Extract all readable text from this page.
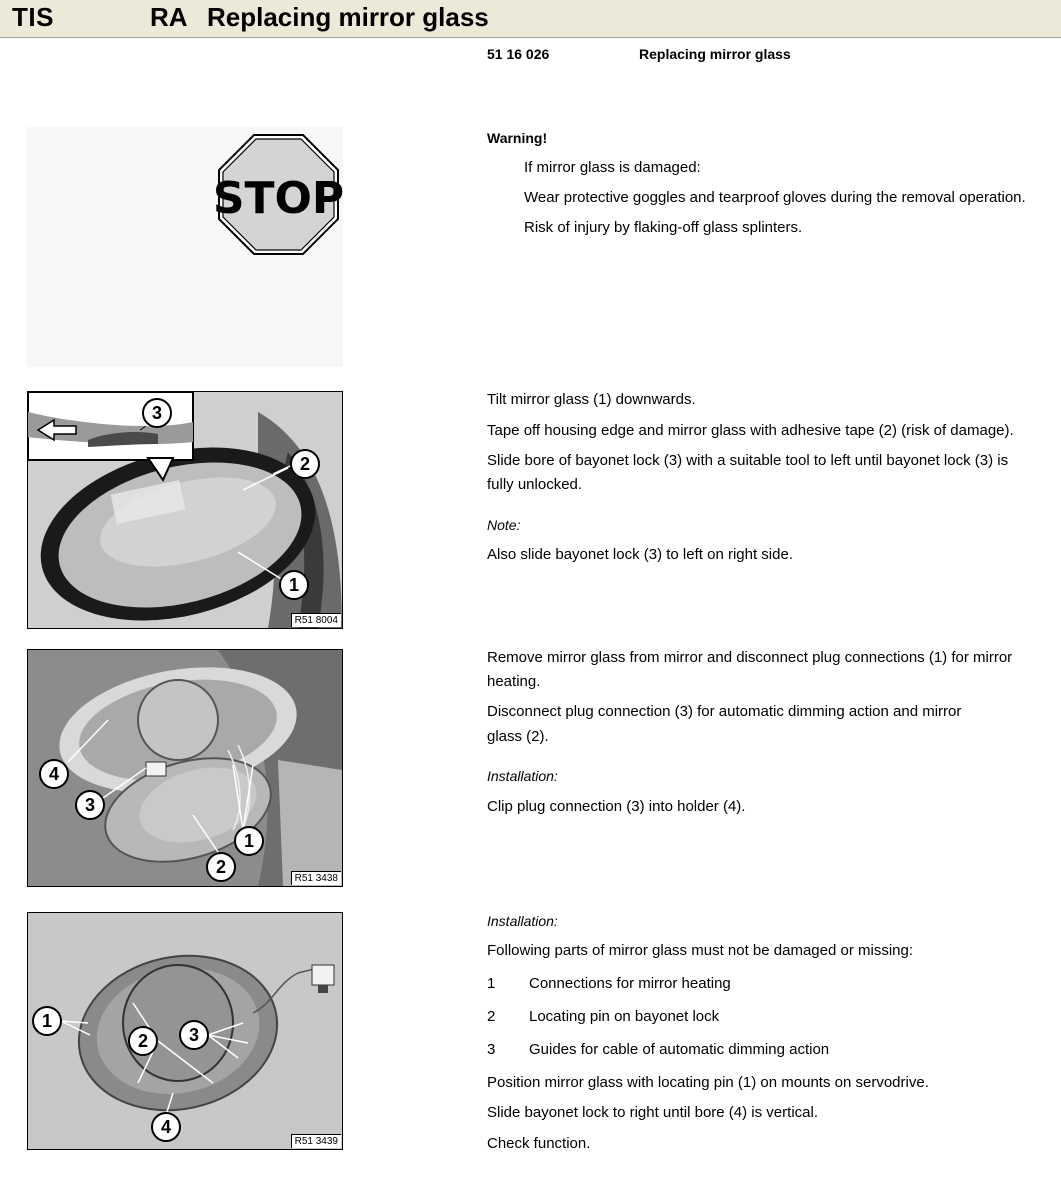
TIS	RA Replacing mirror glass
51 16 026	Replacing mirror glass
STOP
Warning!
If mirror glass is damaged:
Wear protective goggles and tearproof gloves during the removal operation.
Risk of injury by flaking-off glass splinters.
3
2
1
R51 8004
Tilt mirror glass (1) downwards.
Tape off housing edge and mirror glass with adhesive tape (2) (risk of damage).
Slide bore of bayonet lock (3) with a suitable tool to left until bayonet lock (3) is
fully unlocked.
Note:
Also slide bayonet lock (3) to left on right side.
4
3
1
2
R51 3438
Remove mirror glass from mirror and disconnect plug connections (1) for mirror
heating.
Disconnect plug connection (3) for automatic dimming action and mirror
glass (2).
Installation:
Clip plug connection (3) into holder (4).
1
2 3
4
R51 3439
Installation:
Following parts of mirror glass must not be damaged or missing:
1 Connections for mirror heating
2 Locating pin on bayonet lock
3 Guides for cable of automatic dimming action
Position mirror glass with locating pin (1) on mounts on servodrive.
Slide bayonet lock to right until bore (4) is vertical.
Check function.
